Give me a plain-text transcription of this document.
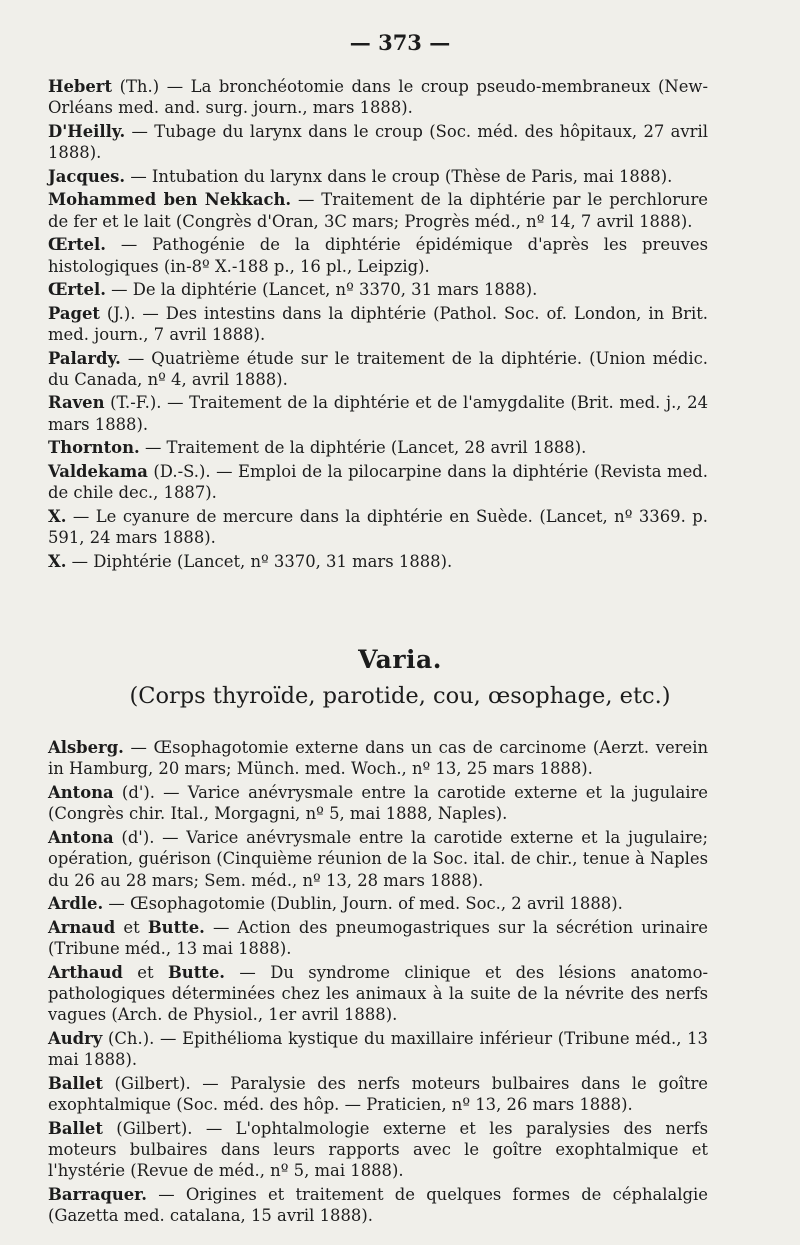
— 373 —

Hebert (Th.) — La bronchéotomie dans le croup pseudo-membraneux (New-Orléans med. and. surg. journ., mars 1888).

D'Heilly. — Tubage du larynx dans le croup (Soc. méd. des hôpitaux, 27 avril 1888).

Jacques. — Intubation du larynx dans le croup (Thèse de Paris, mai 1888).

Mohammed ben Nekkach. — Traitement de la diphtérie par le perchlorure de fer et le lait (Congrès d'Oran, 3C mars; Progrès méd., nº 14, 7 avril 1888).

Œrtel. — Pathogénie de la diphtérie épidémique d'après les preuves histologiques (in-8º X.-188 p., 16 pl., Leipzig).

Œrtel. — De la diphtérie (Lancet, nº 3370, 31 mars 1888).

Paget (J.). — Des intestins dans la diphtérie (Pathol. Soc. of. London, in Brit. med. journ., 7 avril 1888).

Palardy. — Quatrième étude sur le traitement de la diphtérie. (Union médic. du Canada, nº 4, avril 1888).

Raven (T.-F.). — Traitement de la diphtérie et de l'amygdalite (Brit. med. j., 24 mars 1888).

Thornton. — Traitement de la diphtérie (Lancet, 28 avril 1888).

Valdekama (D.-S.). — Emploi de la pilocarpine dans la diphtérie (Revista med. de chile dec., 1887).

X. — Le cyanure de mercure dans la diphtérie en Suède. (Lancet, nº 3369. p. 591, 24 mars 1888).

X. — Diphtérie (Lancet, nº 3370, 31 mars 1888).

Varia.
(Corps thyroïde, parotide, cou, œsophage, etc.)

Alsberg. — Œsophagotomie externe dans un cas de carcinome (Aerzt. verein in Hamburg, 20 mars; Münch. med. Woch., nº 13, 25 mars 1888).

Antona (d'). — Varice anévrysmale entre la carotide externe et la jugulaire (Congrès chir. Ital., Morgagni, nº 5, mai 1888, Naples).

Antona (d'). — Varice anévrysmale entre la carotide externe et la jugulaire; opération, guérison (Cinquième réunion de la Soc. ital. de chir., tenue à Naples du 26 au 28 mars; Sem. méd., nº 13, 28 mars 1888).

Ardle. — Œsophagotomie (Dublin, Journ. of med. Soc., 2 avril 1888).

Arnaud et Butte. — Action des pneumogastriques sur la sécrétion urinaire (Tribune méd., 13 mai 1888).

Arthaud et Butte. — Du syndrome clinique et des lésions anatomo-pathologiques déterminées chez les animaux à la suite de la névrite des nerfs vagues (Arch. de Physiol., 1er avril 1888).

Audry (Ch.). — Epithélioma kystique du maxillaire inférieur (Tribune méd., 13 mai 1888).

Ballet (Gilbert). — Paralysie des nerfs moteurs bulbaires dans le goître exophtalmique (Soc. méd. des hôp. — Praticien, nº 13, 26 mars 1888).

Ballet (Gilbert). — L'ophtalmologie externe et les paralysies des nerfs moteurs bulbaires dans leurs rapports avec le goître exophtalmique et l'hystérie (Revue de méd., nº 5, mai 1888).

Barraquer. — Origines et traitement de quelques formes de céphalalgie (Gazetta med. catalana, 15 avril 1888).
